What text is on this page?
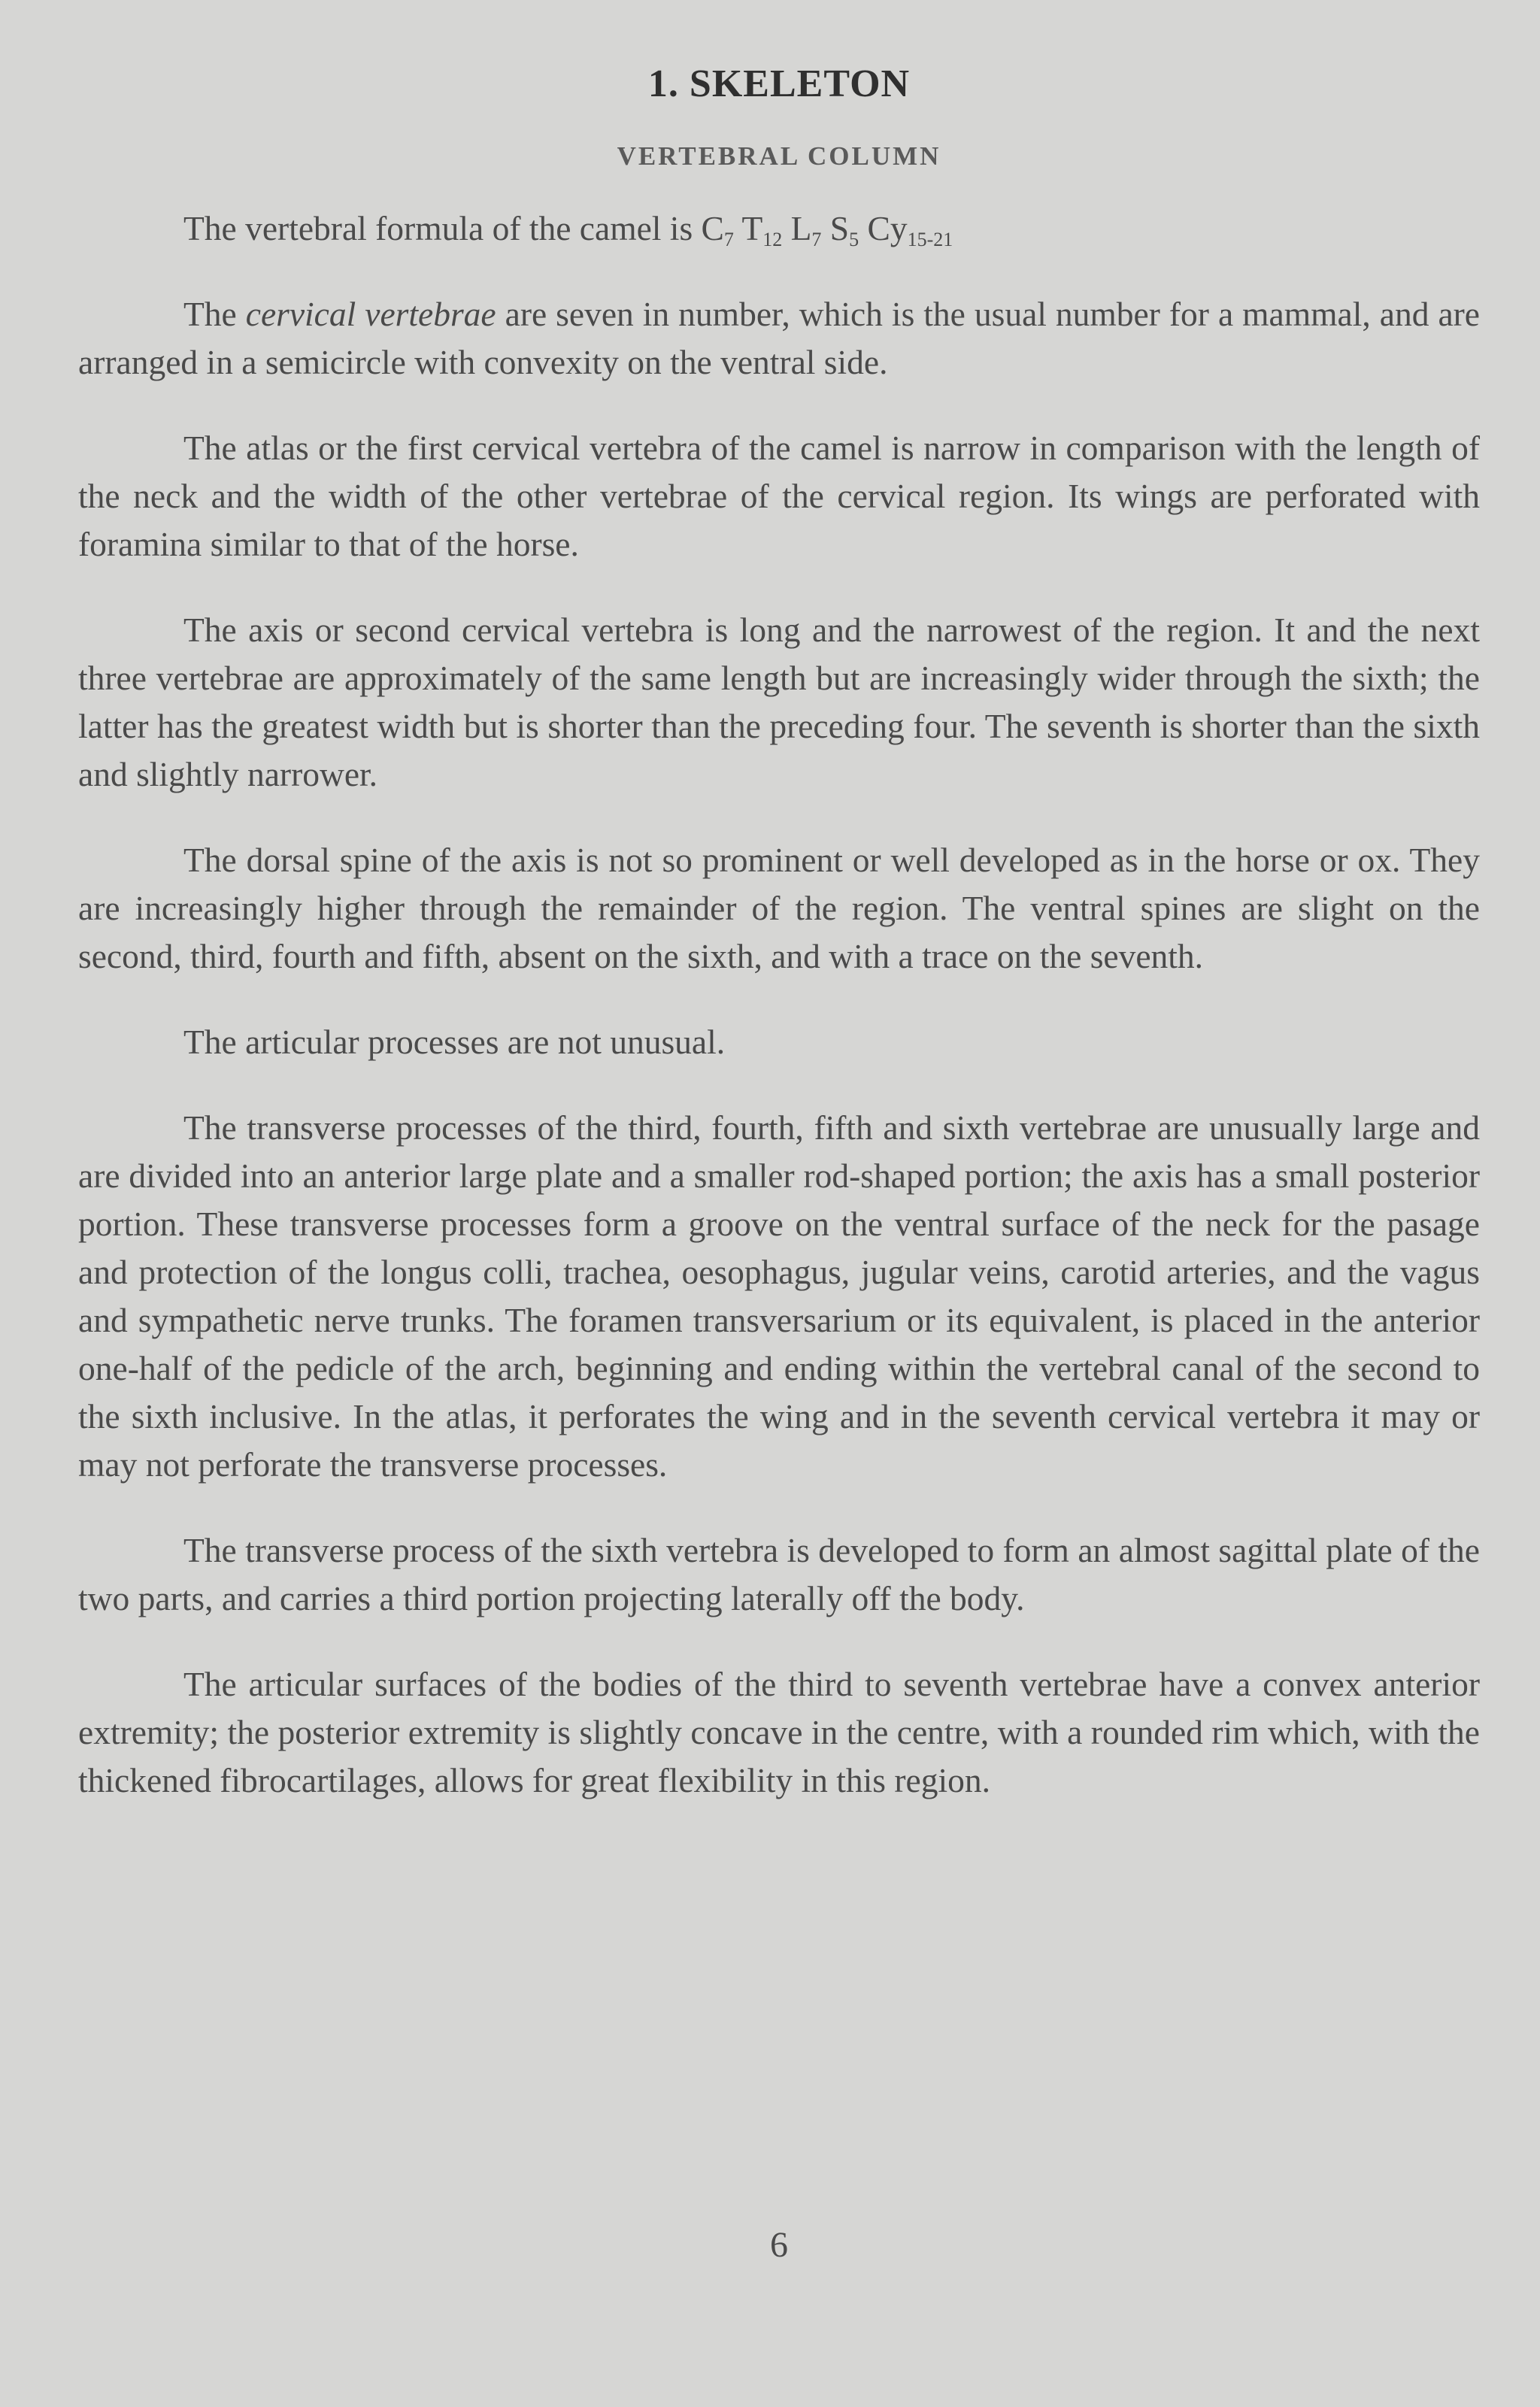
1. SKELETON
VERTEBRAL COLUMN

The vertebral formula of the camel is $C_7$ $T_{12}$ $L_7$ $S_5$ $Cy_{15-21}$

The cervical vertebrae are seven in number, which is the usual number for a mammal, and are arranged in a semicircle with convexity on the ventral side.

The atlas or the first cervical vertebra of the camel is narrow in comparison with the length of the neck and the width of the other vertebrae of the cervical region. Its wings are perforated with foramina similar to that of the horse.

The axis or second cervical vertebra is long and the narrowest of the region. It and the next three vertebrae are approximately of the same length but are increasingly wider through the sixth; the latter has the greatest width but is shorter than the preceding four. The seventh is shorter than the sixth and slightly narrower.

The dorsal spine of the axis is not so prominent or well developed as in the horse or ox. They are increasingly higher through the remainder of the region. The ventral spines are slight on the second, third, fourth and fifth, absent on the sixth, and with a trace on the seventh.

The articular processes are not unusual.

The transverse processes of the third, fourth, fifth and sixth vertebrae are unusually large and are divided into an anterior large plate and a smaller rod-shaped portion; the axis has a small posterior portion. These transverse processes form a groove on the ventral surface of the neck for the pasage and protection of the longus colli, trachea, oesophagus, jugular veins, carotid arteries, and the vagus and sympathetic nerve trunks. The foramen transversarium or its equivalent, is placed in the anterior one-half of the pedicle of the arch, beginning and ending within the vertebral canal of the second to the sixth inclusive. In the atlas, it perforates the wing and in the seventh cervical vertebra it may or may not perforate the transverse processes.

The transverse process of the sixth vertebra is developed to form an almost sagittal plate of the two parts, and carries a third portion projecting laterally off the body.

The articular surfaces of the bodies of the third to seventh vertebrae have a convex anterior extremity; the posterior extremity is slightly concave in the centre, with a rounded rim which, with the thickened fibrocartilages, allows for great flexibility in this region.

6
